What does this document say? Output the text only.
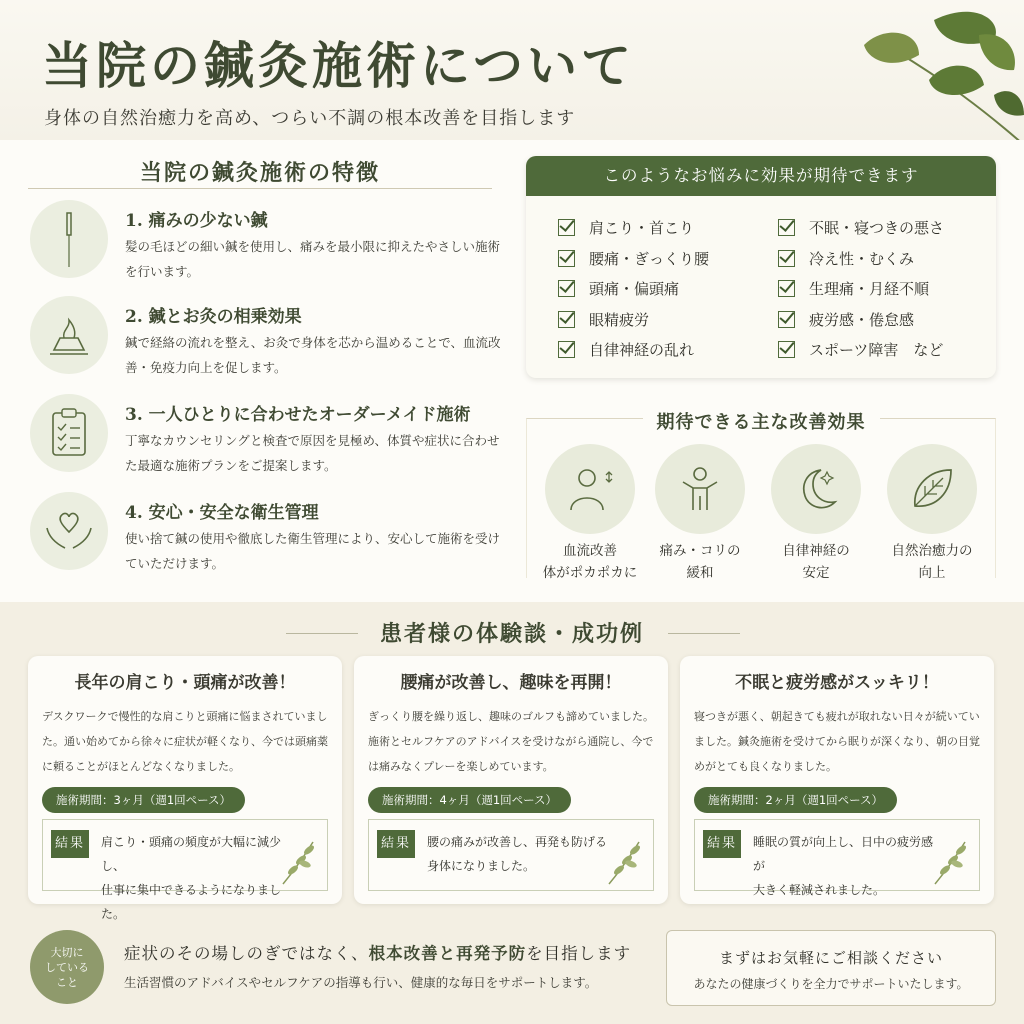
当院の鍼灸施術について

身体の自然治癒力を高め、つらい不調の根本改善を目指します

当院の鍼灸施術の特徴
1. 痛みの少ない鍼
髪の毛ほどの細い鍼を使用し、痛みを最小限に抑えたやさしい施術を行います。
2. 鍼とお灸の相乗効果
鍼で経絡の流れを整え、お灸で身体を芯から温めることで、血流改善・免疫力向上を促します。
3. 一人ひとりに合わせたオーダーメイド施術
丁寧なカウンセリングと検査で原因を見極め、体質や症状に合わせた最適な施術プランをご提案します。
4. 安心・安全な衛生管理
使い捨て鍼の使用や徹底した衛生管理により、安心して施術を受けていただけます。
このようなお悩みに効果が期待できます
肩こり・首こり
腰痛・ぎっくり腰
頭痛・偏頭痛
眼精疲労
自律神経の乱れ
不眠・寝つきの悪さ
冷え性・むくみ
生理痛・月経不順
疲労感・倦怠感
スポーツ障害　など
期待できる主な改善効果
血流改善
体がポカポカに
痛み・コリの
緩和
自律神経の
安定
自然治癒力の
向上
患者様の体験談・成功例
長年の肩こり・頭痛が改善！
デスクワークで慢性的な肩こりと頭痛に悩まされていました。通い始めてから徐々に症状が軽くなり、今では頭痛薬に頼ることがほとんどなくなりました。
施術期間：3ヶ月（週1回ペース）
結果	肩こり・頭痛の頻度が大幅に減少し、
仕事に集中できるようになりました。
腰痛が改善し、趣味を再開！
ぎっくり腰を繰り返し、趣味のゴルフも諦めていました。施術とセルフケアのアドバイスを受けながら通院し、今では痛みなくプレーを楽しめています。
施術期間：4ヶ月（週1回ペース）
結果	腰の痛みが改善し、再発も防げる
身体になりました。
不眠と疲労感がスッキリ！
寝つきが悪く、朝起きても疲れが取れない日々が続いていました。鍼灸施術を受けてから眠りが深くなり、朝の目覚めがとても良くなりました。
施術期間：2ヶ月（週1回ペース）
結果	睡眠の質が向上し、日中の疲労感が
大きく軽減されました。
大切に
している
こと
症状のその場しのぎではなく、根本改善と再発予防を目指します
生活習慣のアドバイスやセルフケアの指導も行い、健康的な毎日をサポートします。
まずはお気軽にご相談ください
あなたの健康づくりを全力でサポートいたします。
